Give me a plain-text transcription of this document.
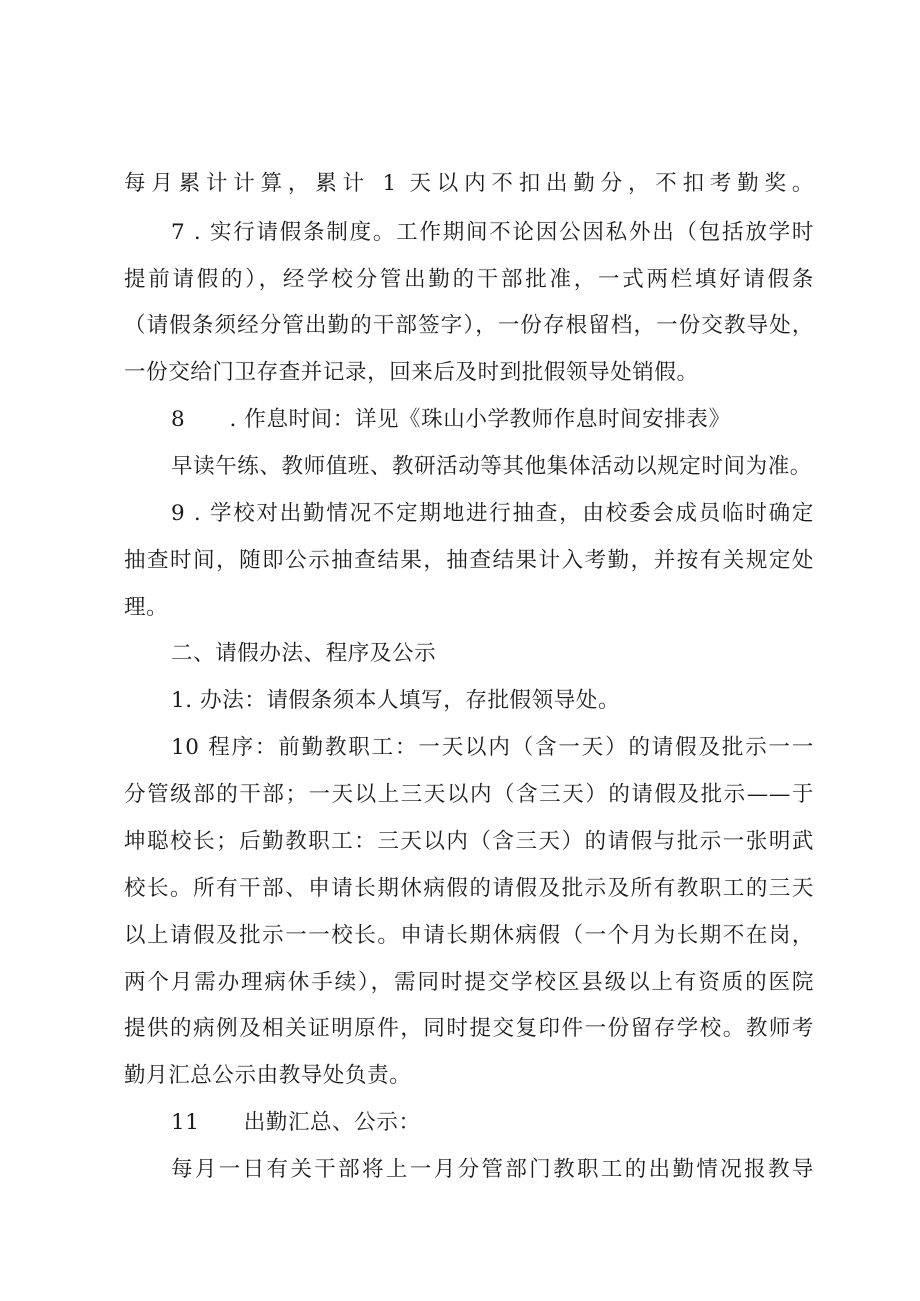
每月累计计算，累计 1 天以内不扣出勤分，不扣考勤奖。
7 . 实行请假条制度。工作期间不论因公因私外出（包括放学时
提前请假的），经学校分管出勤的干部批准，一式两栏填好请假条
（请假条须经分管出勤的干部签字），一份存根留档，一份交教导处，
一份交给门卫存查并记录，回来后及时到批假领导处销假。
8　　. 作息时间：详见《珠山小学教师作息时间安排表》
早读午练、教师值班、教研活动等其他集体活动以规定时间为准。
9 . 学校对出勤情况不定期地进行抽查，由校委会成员临时确定
抽查时间，随即公示抽查结果，抽查结果计入考勤，并按有关规定处
理。
二、请假办法、程序及公示
1. 办法：请假条须本人填写，存批假领导处。
10 程序：前勤教职工：一天以内（含一天）的请假及批示一一
分管级部的干部；一天以上三天以内（含三天）的请假及批示——于
坤聪校长；后勤教职工：三天以内（含三天）的请假与批示一张明武
校长。所有干部、申请长期休病假的请假及批示及所有教职工的三天
以上请假及批示一一校长。申请长期休病假（一个月为长期不在岗，
两个月需办理病休手续），需同时提交学校区县级以上有资质的医院
提供的病例及相关证明原件，同时提交复印件一份留存学校。教师考
勤月汇总公示由教导处负责。
11　　出勤汇总、公示：
每月一日有关干部将上一月分管部门教职工的出勤情况报教导
